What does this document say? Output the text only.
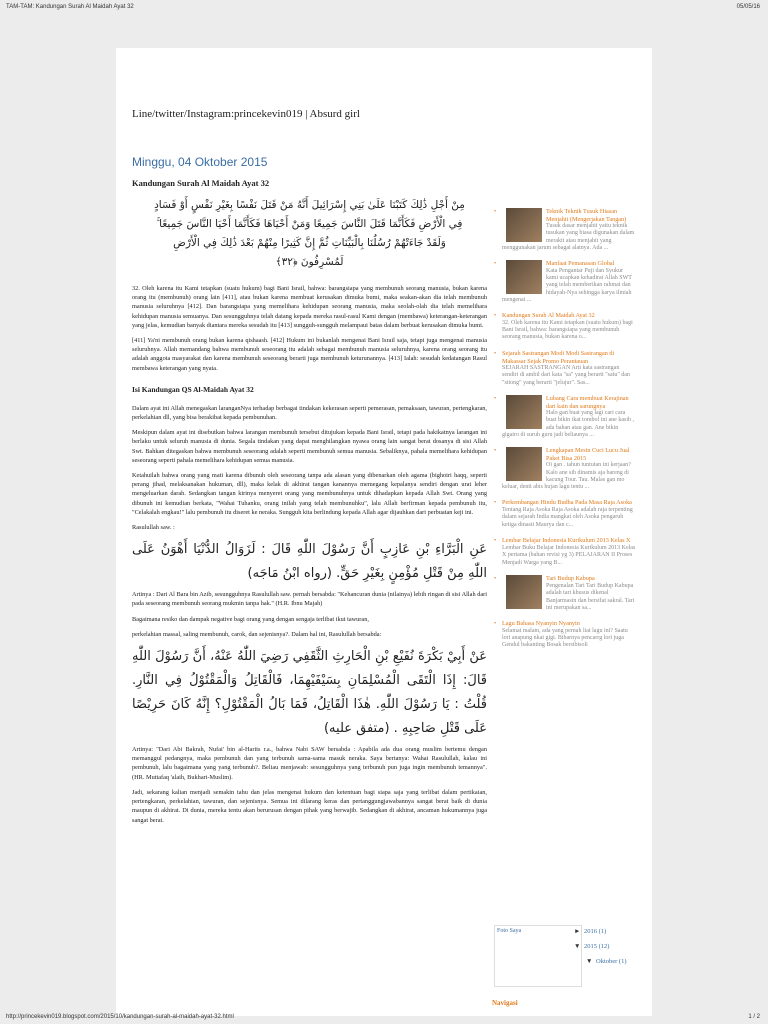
TAM-TAM: Kandungan Surah Al Maidah Ayat 32	05/05/16
Line/twitter/Instagram:princekevin019 | Absurd girl
Minggu, 04 Oktober 2015
Kandungan Surah Al Maidah Ayat 32
مِنْ أَجْلِ ذَٰلِكَ كَتَبْنَا عَلَىٰ بَنِي إِسْرَائِيلَ أَنَّهُ مَنْ قَتَلَ نَفْسًا بِغَيْرِ نَفْسٍ أَوْ فَسَادٍ فِي الْأَرْضِ فَكَأَنَّمَا قَتَلَ النَّاسَ جَمِيعًا وَمَنْ أَحْيَاهَا فَكَأَنَّمَا أَحْيَا النَّاسَ جَمِيعًا ۚ وَلَقَدْ جَاءَتْهُمْ رُسُلُنَا بِالْبَيِّنَاتِ ثُمَّ إِنَّ كَثِيرًا مِنْهُمْ بَعْدَ ذَٰلِكَ فِي الْأَرْضِ لَمُسْرِفُونَ ﴿٣٢﴾
32. Oleh karena itu Kami tetapkan (suatu hukum) bagi Bani Israil, bahwa: barangsiapa yang membunuh seorang manusia, bukan karena orang itu (membunuh) orang lain [411], atau bukan karena membuat kerusakan dimuka bumi, maka seakan-akan dia telah membunuh manusia seluruhnya [412]. Dan barangsiapa yang memelihara kehidupan seorang manusia, maka seolah-olah dia telah memelihara kehidupan manusia semuanya. Dan sesungguhnya telah datang kepada mereka rasul-rasul Kami dengan (membawa) keterangan-keterangan yang jelas, kemudian banyak diantara mereka sesudah itu [413] sungguh-sungguh melampaui batas dalam berbuat kerusakan dimuka bumi.
[411] Ya'ni membunuh orang bukan karena qishaash. [412] Hukum ini bukanlah mengenai Bani Israil saja, tetapi juga mengenai manusia seluruhnya. Allah memandang bahwa membunuh seseorang itu adalah sebagai membunuh manusia seluruhnya, karena orang seorang itu adalah anggota masyarakat dan karena membunuh seseorang berarti juga membunuh keturunannya. [413] Ialah: sesudah kedatangan Rasul membawa keterangan yang nyata.
Isi Kandungan QS Al-Maidah Ayat 32
Dalam ayat ini Allah menegaskan laranganNya terhadap berbagai tindakan kekerasan seperti pemerasan, pemaksaan, tawuran, pertengkaran, perkelahian dll, yang bisa berakibat kepada pembunuhan.
Meskipun dalam ayat ini disebutkan bahwa larangan membunuh tersebut ditujukan kepada Bani Israil, tetapi pada hakikatnya larangan ini berlaku untuk seluruh manusia di dunia. Segala tindakan yang dapat menghilangkan nyawa orang lain sangat berat dosanya di sisi Allah Swt. Bahkan ditegaskan bahwa membunuh seseorang adalah seperti membunuh semua manusia. Sebaliknya, pahala memelihara kehidupan seseorang seperti pahala memelihara kehidupan semua manusia.
Ketahuilah bahwa orang yang mati karena dibunuh oleh seseorang tanpa ada alasan yang dibenarkan oleh agama (bighoiri haqq, seperti perang jihad, melaksanakan hukuman, dll), maka kelak di akhirat tangan kanannya memegang kepalanya sendiri dengan urat leher mengeluarkan darah. Sedangkan tangan kirinya menyeret orang yang membunuhnya untuk dihadapkan kepada Allah Swt. Orang yang dibunuh ini kemudian berkata, "Wahai Tuhanku, orang inilah yang telah membunuhku", lalu Allah berfirman kepada pembunuh itu, "Celakalah engkau!" lalu pembunuh itu diseret ke neraka. Sungguh kita berlindung kepada Allah agar dijauhkan dari perbuatan keji ini.
Rasulullah saw. :
عَنِ الْبَرَّاءِ بْنِ عَازِبٍ أَنَّ رَسُوْلَ اللّٰهِ قَالَ : لَزَوَالُ الدُّنْيَا أَهْوَنُ عَلَى اللّٰهِ مِنْ قَتْلِ مُؤْمِنٍ بِغَيْرِ حَقٍّ. (رواه ابْنُ مَاجَه)
Artinya : Dari Al Bara bin Azib, sesungguhnya Rasulullah saw. pernah bersabda: "Kehancuran dunia (nilainya) lebih ringan di sisi Allah dari pada seseorang membunuh seorang mukmin tanpa hak." (H.R. Ibnu Majah)
Bagaimana resiko dan dampak negative bagi orang yang dengan sengaja terlibat ikut tawuran,
perkelahian massal, saling membunuh, carok, dan sejenisnya?. Dalam hal ini, Rasulullah bersabda:
عَنْ أَبِيْ بَكْرَةَ نُفَيْعِ بْنِ الْحَارِثِ الثَّقَفِي رَضِيَ اللّٰهُ عَنْهُ، أَنَّ رَسُوْلَ اللّٰهِ قَالَ: إِذَا الْتَقَى الْمُسْلِمَانِ بِسَيْفَيْهِمَا، فَالْقَاتِلُ وَالْمَقْتُوْلُ فِي النَّارِ. قُلْتُ : يَا رَسُوْلَ اللّٰهِ. هٰذَا الْقَاتِلُ، فَمَا بَالُ الْمَقْتُوْلِ؟ إِنَّهُ كَانَ حَرِيْصًا عَلَى قَتْلِ صَاحِبِهِ . (متفق عليه)
Artinya: "Dari Abi Bakrah, Nufai' bin al-Harits r.a., bahwa Nabi SAW bersabda : Apabila ada dua orang muslim bertemu dengan memanggul pedangnya, maka pembunuh dan yang terbunuh sama-sama masuk neraka. Saya bertanya: Wahai Rasulullah, kalau ini pembunuh, lalu bagaimana yang yang terbunuh?. Beliau menjawab: sesungguhnya yang terbunuh pun juga ingin membunuh temannya". (HR. Muttafaq 'alaih, Bukhari-Muslim).
Jadi, sekarang kalian menjadi semakin tahu dan jelas mengenai hukum dan ketentuan bagi siapa saja yang terlibat dalam pertikaian, pertengkaran, perkelahian, tawuran, dan sejenisnya. Semua ini dilarang keras dan pertanggungjawabannya sangat berat baik di dunia maupun di akhirat. Di dunia, mereka tentu akan berurusan dengan pihak yang berwajib. Sedangkan di akhirat, ancaman hukumannya juga sangat berat.
•	Teknik Teknik Tusuk Hiasan Menjahit (Mengerjakan Tangan)
Tusuk dasar menjahit yaitu teknik tusukan yang biasa digunakan dalam merakit atau menjahit yang menggunakan jarum sebagai alatnya. Ada ...
•	Manfaat Pemanasan Global
Kata Pengantar Puji dan Syukur kami ucapkan kehadirat Allah SWT yang telah memberikan rahmat dan hidayah-Nya sehingga karya ilmiah mengenai ...
• Kandungan Surah Al Maidah Ayat 32
32. Oleh karena itu Kami tetapkan (suatu hukum) bagi Bani Israil, bahwa: barangsiapa yang membunuh seorang manusia, bukan karena o...
• Sejarah Sastrangan Modi Modi Sastrangan di Makassar Sejak Promo Perantauan
SEJARAH SASTRANGAN Arti kata sastrangan sendiri di ambil dari kata "sa" yang berarti "satu" dan "sitong" yang berarti "jelujur". Sas...
•	Lubang Cara membuat Kerajinan dari kain dan sarungnya
Halo gan buat yang lagi cari cara buat bikin ikat tombol ini ane kasih , ada bahan atau gan. Ane bikin gigatro di suruh guru jadi beliaunya ...
•	Lengkapan Mesin Cuci Lucu Jual Paket Bisa 2015
Oi gan . tahun tuntutan ini kerjaan? Kalo ane sih dinamis aja bareng di kacung Tour. Tau. Malas gan mo keluar, dentt abis hujan lagu tentu ...
• Perkembangan Hindu Budha Pada Masa Raja Asoka
Tentang Raja Asoka Raja Asoka adalah raja terpenting dalam sejarah India mangkat oleh Asoka pengaruh ketiga dinasti Maurya dan c...
• Lembar Belajar Indonesia Kurikulum 2013 Kelas X
Lembar Buku Belajar Indonesia Kurikulum 2013 Kelas X pertama (bahan revisi yg 3) PELAJARAN II Proses Menjadi Warga yang B...
•	Tari Budup Kabupa
Pengenalan Tari Tari Budup Kabupa adalah tari khusus dikenal Banjarmasin dan bersifat sakral. Tari ini merupakan sa...
• Lagu Bahasa Nyanyin Nyanyin
Selamat malam, ada yang pernah liat lagu ini? Saatu lori anapung nkat gigi. Bibarnya pencarrg lori juga Gendul bakanting Bosak bersibisoli
Foto Saya	► 2016 (1)
▼ 2015 (12)
▼ Oktober (1)
Navigasi
http://princekevin019.blogspot.com/2015/10/kandungan-surah-al-maidah-ayat-32.html	1 / 2
